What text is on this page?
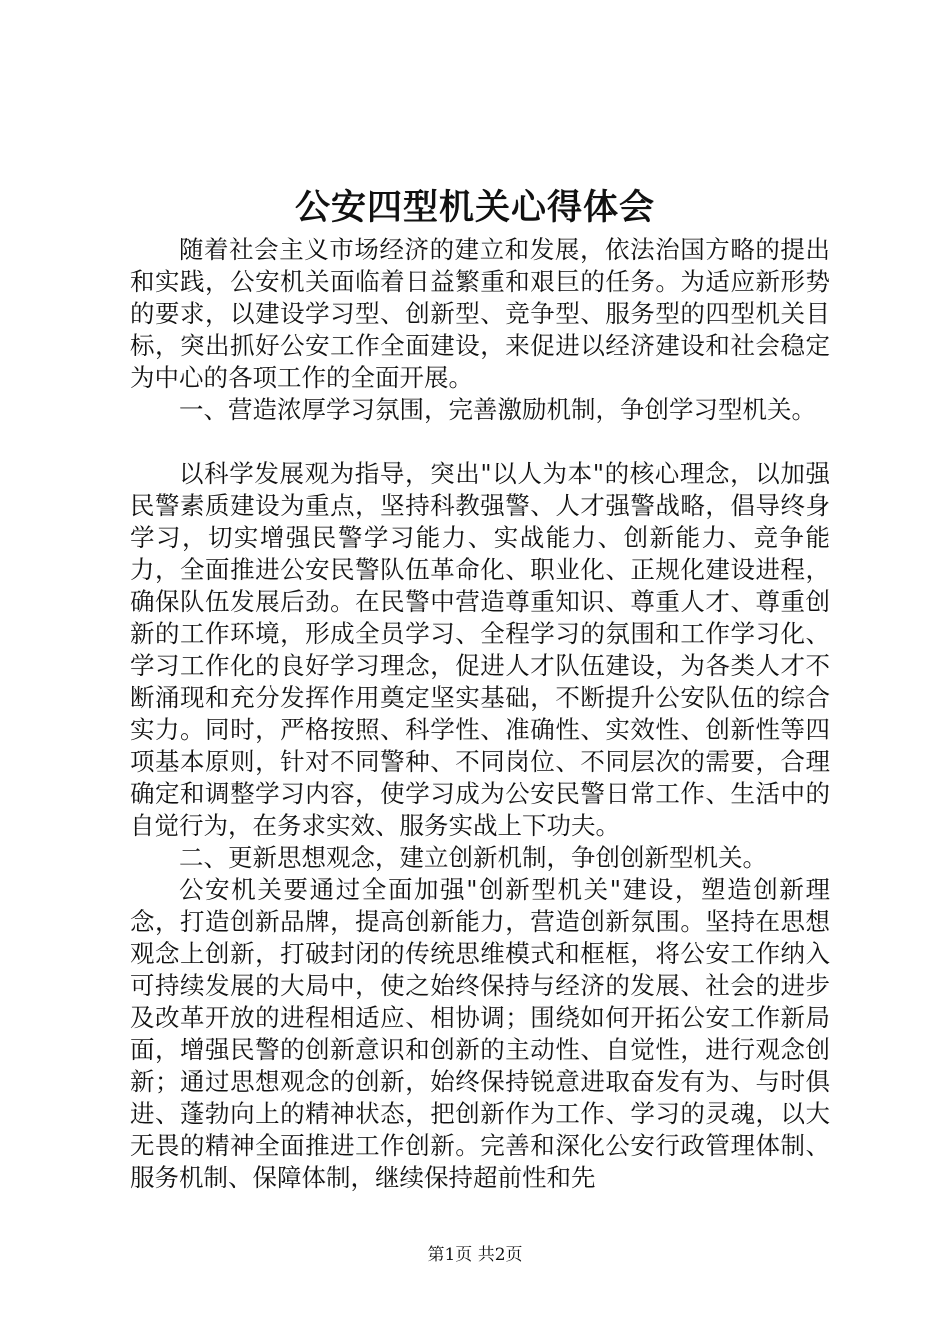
公安四型机关心得体会

随着社会主义市场经济的建立和发展，依法治国方略的提出和实践，公安机关面临着日益繁重和艰巨的任务。为适应新形势的要求，以建设学习型、创新型、竞争型、服务型的四型机关目标，突出抓好公安工作全面建设，来促进以经济建设和社会稳定为中心的各项工作的全面开展。

一、营造浓厚学习氛围，完善激励机制，争创学习型机关。

以科学发展观为指导，突出"以人为本"的核心理念，以加强民警素质建设为重点，坚持科教强警、人才强警战略，倡导终身学习，切实增强民警学习能力、实战能力、创新能力、竞争能力，全面推进公安民警队伍革命化、职业化、正规化建设进程，确保队伍发展后劲。在民警中营造尊重知识、尊重人才、尊重创新的工作环境，形成全员学习、全程学习的氛围和工作学习化、学习工作化的良好学习理念，促进人才队伍建设，为各类人才不断涌现和充分发挥作用奠定坚实基础，不断提升公安队伍的综合实力。同时，严格按照、科学性、准确性、实效性、创新性等四项基本原则，针对不同警种、不同岗位、不同层次的需要，合理确定和调整学习内容，使学习成为公安民警日常工作、生活中的自觉行为，在务求实效、服务实战上下功夫。

二、更新思想观念，建立创新机制，争创创新型机关。

公安机关要通过全面加强"创新型机关"建设，塑造创新理念，打造创新品牌，提高创新能力，营造创新氛围。坚持在思想观念上创新，打破封闭的传统思维模式和框框，将公安工作纳入可持续发展的大局中，使之始终保持与经济的发展、社会的进步及改革开放的进程相适应、相协调；围绕如何开拓公安工作新局面，增强民警的创新意识和创新的主动性、自觉性，进行观念创新；通过思想观念的创新，始终保持锐意进取奋发有为、与时俱进、蓬勃向上的精神状态，把创新作为工作、学习的灵魂，以大无畏的精神全面推进工作创新。完善和深化公安行政管理体制、服务机制、保障体制，继续保持超前性和先

第1页 共2页
